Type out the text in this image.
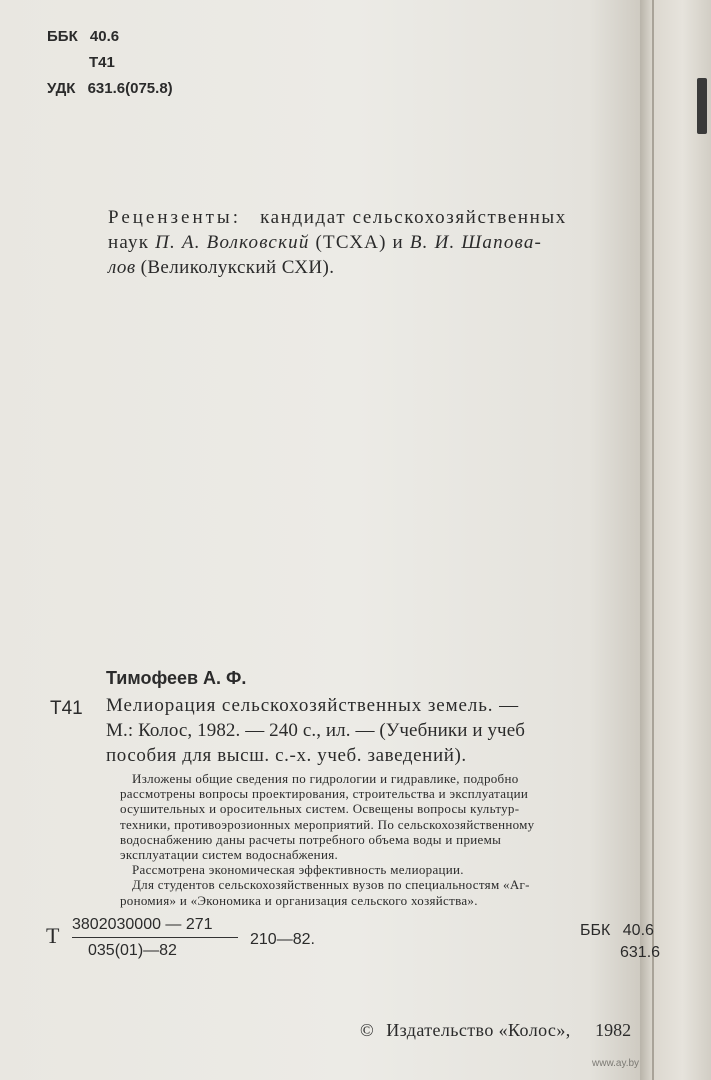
ББК 40.6
Т41
УДК 631.6(075.8)
Рецензенты: кандидат сельскохозяйственных
наук П. А. Волковский (ТСХА) и В. И. Шапова-
лов (Великолукский СХИ).
Тимофеев А. Ф.
Т41 Мелиорация сельскохозяйственных земель. —
М.: Колос, 1982. — 240 с., ил. — (Учебники и учеб
пособия для высш. с.-х. учеб. заведений).
Изложены общие сведения по гидрологии и гидравлике, подробно
рассмотрены вопросы проектирования, строительства и эксплуатации
осушительных и оросительных систем. Освещены вопросы культур-
техники, противоэрозионных мероприятий. По сельскохозяйственному
водоснабжению даны расчеты потребного объема воды и приемы
эксплуатации систем водоснабжения.
Рассмотрена экономическая эффективность мелиорации.
Для студентов сельскохозяйственных вузов по специальностям «Аг-
рономия» и «Экономика и организация сельского хозяйства».
Т 3802030000 — 271
035(01)—82
210—82.
ББК 40.6
631.6
© Издательство «Колос», 1982
www.ay.by
